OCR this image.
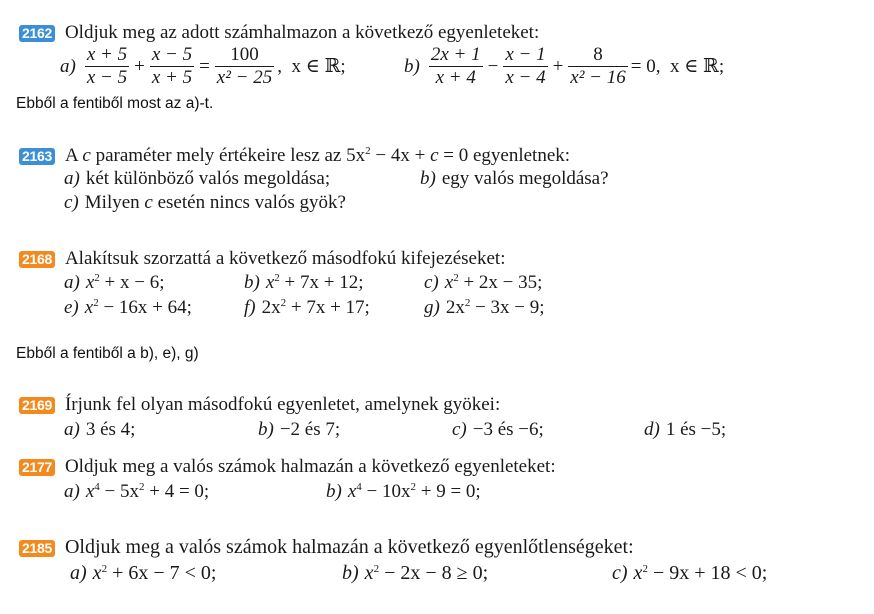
2162 Oldjuk meg az adott számhalmazon a következő egyenleteket:
$a) \frac{x + 5}{x - 5} + \frac{x - 5}{x + 5} = \frac{100}{\text{x² − 25}}$ ,  x ∈ ℝ;	$b) \frac{2x + 1}{x + 4} - \frac{x - 1}{x - 4} + \frac{8}{\text{x² − 16}} = 0$,  x ∈ ℝ;
Ebből a fentiből most az a)-t.
2163 A c paraméter mely értékeire lesz az $5x^2 - 4x + c = 0$ egyenletnek:
a) két különböző valós megoldása;	b) egy valós megoldása?
c) Milyen c esetén nincs valós gyök?
2168 Alakítsuk szorzattá a következő másodfokú kifejezéseket:
a) $x^2 + x - 6$;	b) $x^2 + 7x + 12$;	c) $x^2 + 2x - 35$;
e) $x^2 - 16x + 64$;	f) $2x^2 + 7x + 17$;	g) $2x^2 - 3x - 9$;
Ebből a fentiből a b), e), g)
2169 Írjunk fel olyan másodfokú egyenletet, amelynek gyökei:
a) 3 és 4;	b) −2 és 7;	c) −3 és −6;	d) 1 és −5;
2177 Oldjuk meg a valós számok halmazán a következő egyenleteket:
a) $x^4 - 5x^2 + 4 = 0$;	b) $x^4 - 10x^2 + 9 = 0$;
2185 Oldjuk meg a valós számok halmazán a következő egyenlőtlenségeket:
a) $x^2 + 6x - 7 < 0$;	b) $x^2 - 2x - 8 \ge 0$;	c) $x^2 - 9x + 18 < 0$;
